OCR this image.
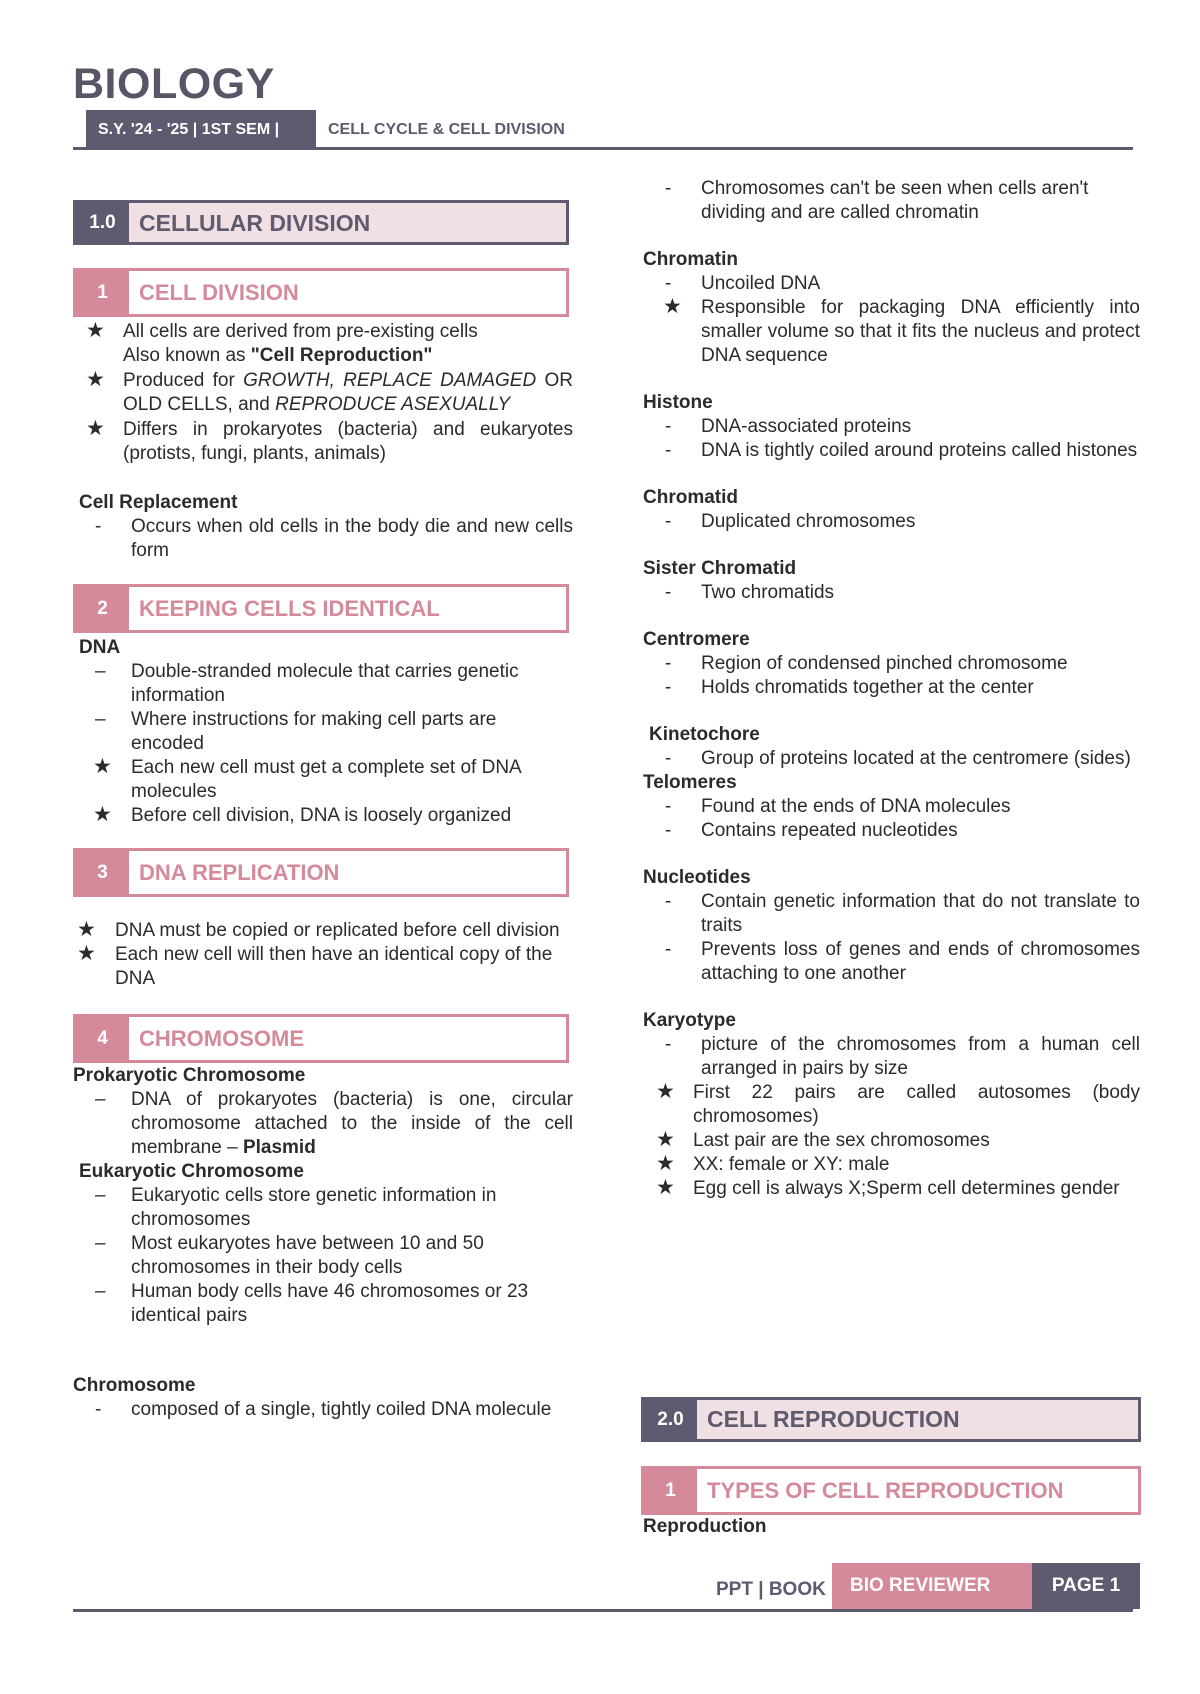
BIOLOGY
S.Y. '24 - '25 | 1ST SEM |	CELL CYCLE & CELL DIVISION
1.0	CELLULAR DIVISION
1	CELL DIVISION
★ All cells are derived from pre-existing cells
Also known as "Cell Reproduction"
★ Produced for GROWTH, REPLACE DAMAGED OR OLD CELLS, and REPRODUCE ASEXUALLY
★ Differs in prokaryotes (bacteria) and eukaryotes (protists, fungi, plants, animals)

Cell Replacement

- Occurs when old cells in the body die and new cells form
2	KEEPING CELLS IDENTICAL

DNA

– Double-stranded molecule that carries genetic information
– Where instructions for making cell parts are encoded
★ Each new cell must get a complete set of DNA molecules
★ Before cell division, DNA is loosely organized
3	DNA REPLICATION
★ DNA must be copied or replicated before cell division
★ Each new cell will then have an identical copy of the DNA
4	CHROMOSOME

Prokaryotic Chromosome

– DNA of prokaryotes (bacteria) is one, circular chromosome attached to the inside of the cell membrane – Plasmid

Eukaryotic Chromosome

– Eukaryotic cells store genetic information in chromosomes
– Most eukaryotes have between 10 and 50 chromosomes in their body cells
– Human body cells have 46 chromosomes or 23 identical pairs

Chromosome

- composed of a single, tightly coiled DNA molecule
- Chromosomes can't be seen when cells aren't dividing and are called chromatin

Chromatin

- Uncoiled DNA
★ Responsible for packaging DNA efficiently into smaller volume so that it fits the nucleus and protect DNA sequence

Histone

- DNA-associated proteins
- DNA is tightly coiled around proteins called histones

Chromatid

- Duplicated chromosomes

Sister Chromatid

- Two chromatids

Centromere

- Region of condensed pinched chromosome
- Holds chromatids together at the center

Kinetochore

- Group of proteins located at the centromere (sides)

Telomeres

- Found at the ends of DNA molecules
- Contains repeated nucleotides

Nucleotides

- Contain genetic information that do not translate to traits
- Prevents loss of genes and ends of chromosomes attaching to one another

Karyotype

- picture of the chromosomes from a human cell arranged in pairs by size
★ First 22 pairs are called autosomes (body chromosomes)
★ Last pair are the sex chromosomes
★ XX: female or XY: male
★ Egg cell is always X;Sperm cell determines gender
2.0	CELL REPRODUCTION
1	TYPES OF CELL REPRODUCTION

Reproduction

PPT | BOOK	BIO REVIEWER	PAGE 1
